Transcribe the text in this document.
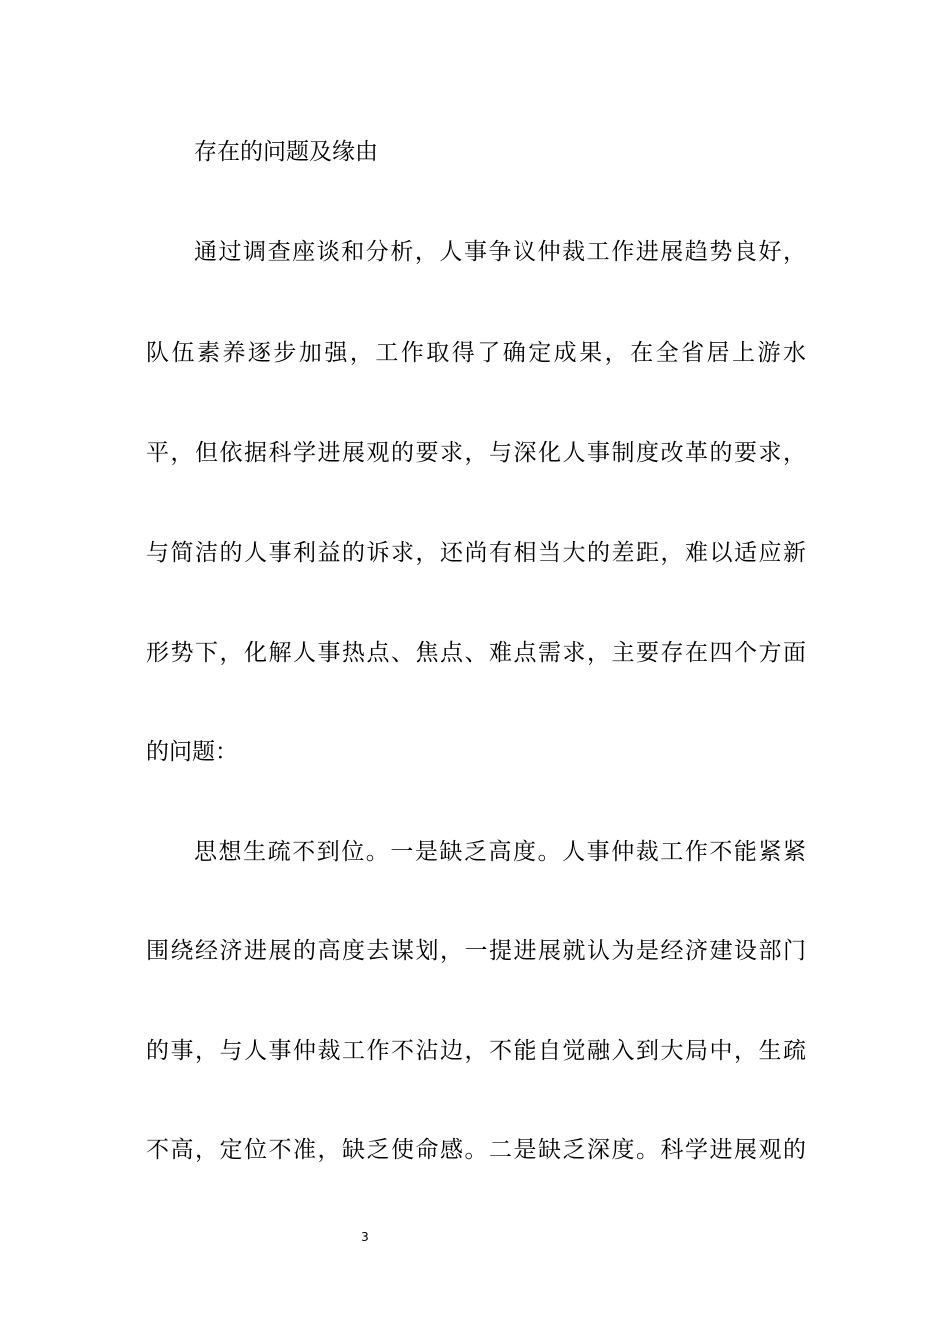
存在的问题及缘由
通过调查座谈和分析，人事争议仲裁工作进展趋势良好，
队伍素养逐步加强，工作取得了确定成果，在全省居上游水
平，但依据科学进展观的要求，与深化人事制度改革的要求，
与简洁的人事利益的诉求，还尚有相当大的差距，难以适应新
形势下，化解人事热点、焦点、难点需求，主要存在四个方面
的问题：
思想生疏不到位。一是缺乏高度。人事仲裁工作不能紧紧
围绕经济进展的高度去谋划，一提进展就认为是经济建设部门
的事，与人事仲裁工作不沾边，不能自觉融入到大局中，生疏
不高，定位不准，缺乏使命感。二是缺乏深度。科学进展观的
3
